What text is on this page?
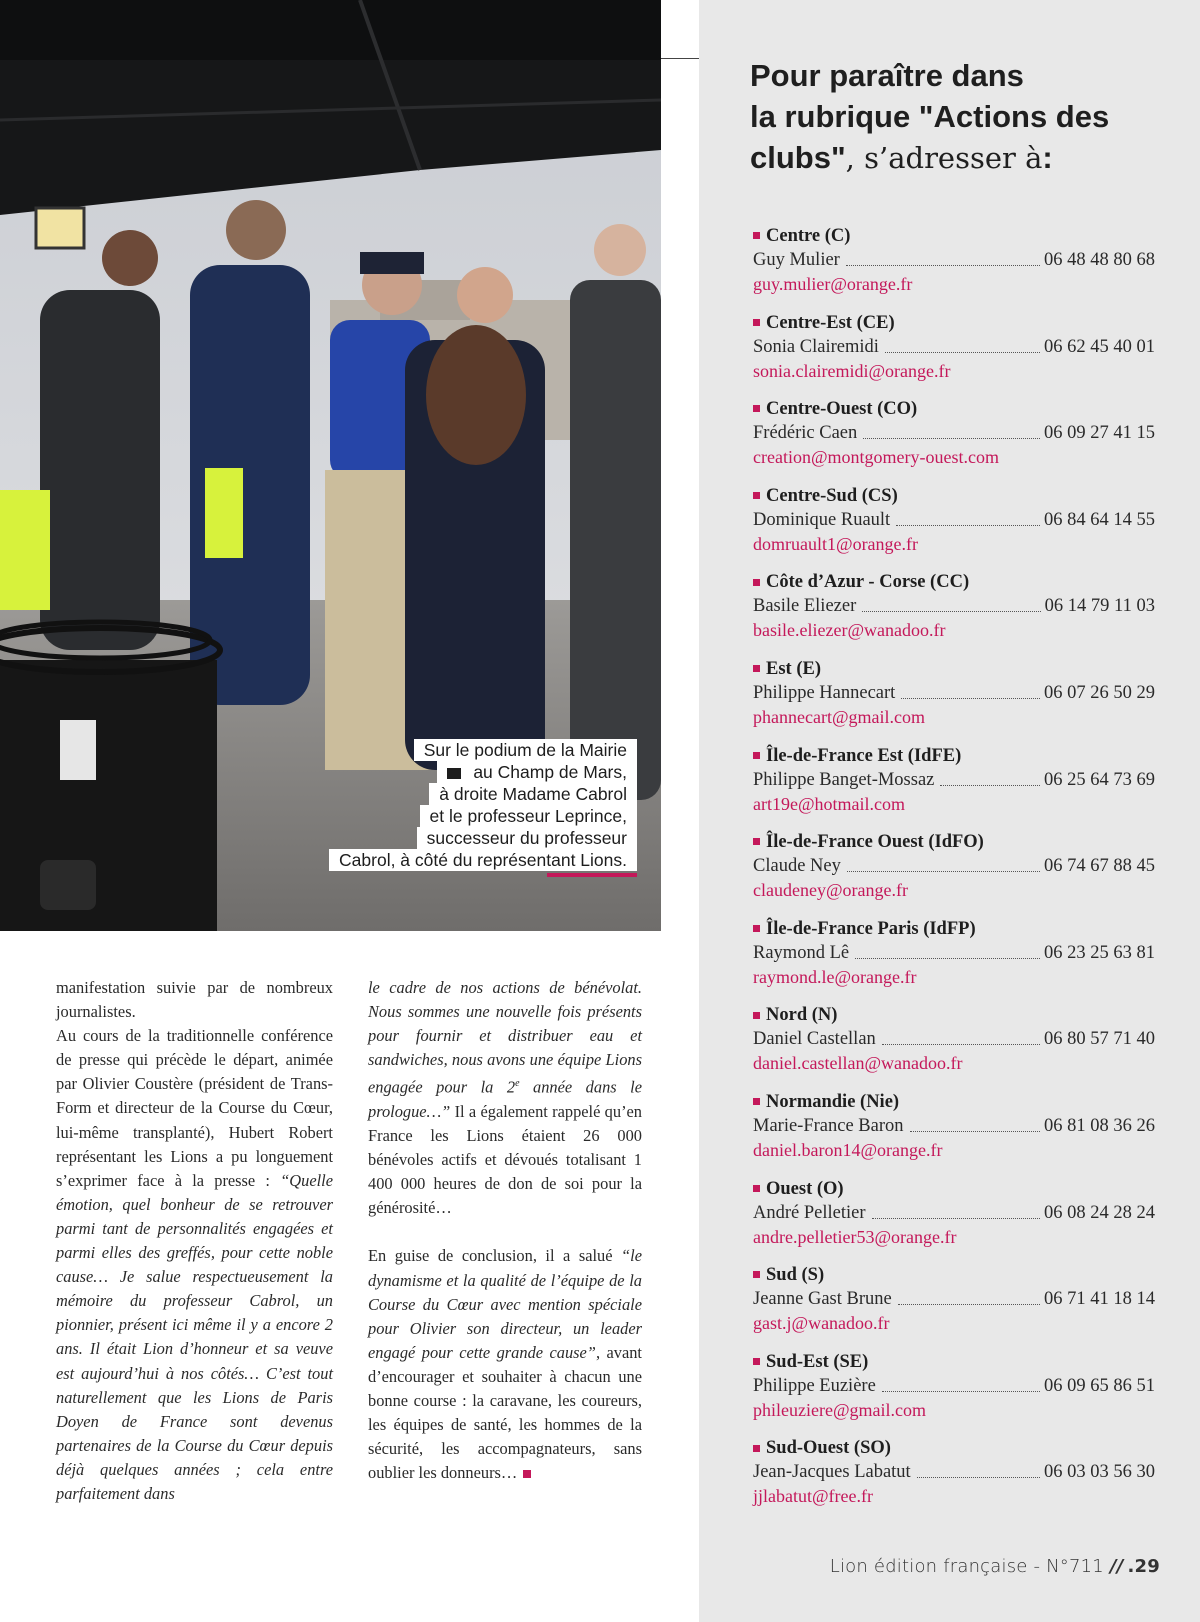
Sur le podium de la Mairie
au Champ de Mars,
à droite Madame Cabrol
et le professeur Leprince,
successeur du professeur
Cabrol, à côté du représentant Lions.

manifestation suivie par de nombreux journalistes.

Au cours de la traditionnelle conférence de presse qui précède le départ, animée par Olivier Coustère (président de Trans-Form et directeur de la Course du Cœur, lui-même transplanté), Hubert Robert représentant les Lions a pu longuement s’exprimer face à la presse : “Quelle émotion, quel bonheur de se retrouver parmi tant de personnalités engagées et parmi elles des greffés, pour cette noble cause… Je salue respectueusement la mémoire du professeur Cabrol, un pionnier, présent ici même il y a encore 2 ans. Il était Lion d’honneur et sa veuve est aujourd’hui à nos côtés… C’est tout naturellement que les Lions de Paris Doyen de France sont devenus partenaires de la Course du Cœur depuis déjà quelques années ; cela entre parfaitement dans

le cadre de nos actions de bénévolat. Nous sommes une nouvelle fois présents pour fournir et distribuer eau et sandwiches, nous avons une équipe Lions engagée pour la 2e année dans le prologue…” Il a également rappelé qu’en France les Lions étaient 26 000 bénévoles actifs et dévoués totalisant 1 400 000 heures de don de soi pour la générosité…

En guise de conclusion, il a salué “le dynamisme et la qualité de l’équipe de la Course du Cœur avec mention spéciale pour Olivier son directeur, un leader engagé pour cette grande cause”, avant d’encourager et souhaiter à chacun une bonne course : la caravane, les coureurs, les équipes de santé, les hommes de la sécurité, les accompagnateurs, sans oublier les donneurs…

Pour paraître dans
la rubrique "Actions des
clubs", s’adresser à:
Centre (C)
Guy Mulier	06 48 48 80 68
guy.mulier@orange.fr
Centre-Est (CE)
Sonia Clairemidi	06 62 45 40 01
sonia.clairemidi@orange.fr
Centre-Ouest (CO)
Frédéric Caen	06 09 27 41 15
creation@montgomery-ouest.com
Centre-Sud (CS)
Dominique Ruault	06 84 64 14 55
domruault1@orange.fr
Côte d’Azur - Corse (CC)
Basile Eliezer	06 14 79 11 03
basile.eliezer@wanadoo.fr
Est (E)
Philippe Hannecart	06 07 26 50 29
phannecart@gmail.com
Île-de-France Est (IdFE)
Philippe Banget-Mossaz	06 25 64 73 69
art19e@hotmail.com
Île-de-France Ouest (IdFO)
Claude Ney	06 74 67 88 45
claudeney@orange.fr
Île-de-France Paris (IdFP)
Raymond Lê	06 23 25 63 81
raymond.le@orange.fr
Nord (N)
Daniel Castellan	06 80 57 71 40
daniel.castellan@wanadoo.fr
Normandie (Nie)
Marie-France Baron	06 81 08 36 26
daniel.baron14@orange.fr
Ouest (O)
André Pelletier	06 08 24 28 24
andre.pelletier53@orange.fr
Sud (S)
Jeanne Gast Brune	06 71 41 18 14
gast.j@wanadoo.fr
Sud-Est (SE)
Philippe Euzière	06 09 65 86 51
phileuziere@gmail.com
Sud-Ouest (SO)
Jean-Jacques Labatut	06 03 03 56 30
jjlabatut@free.fr
Lion édition française - N°711 // .29
